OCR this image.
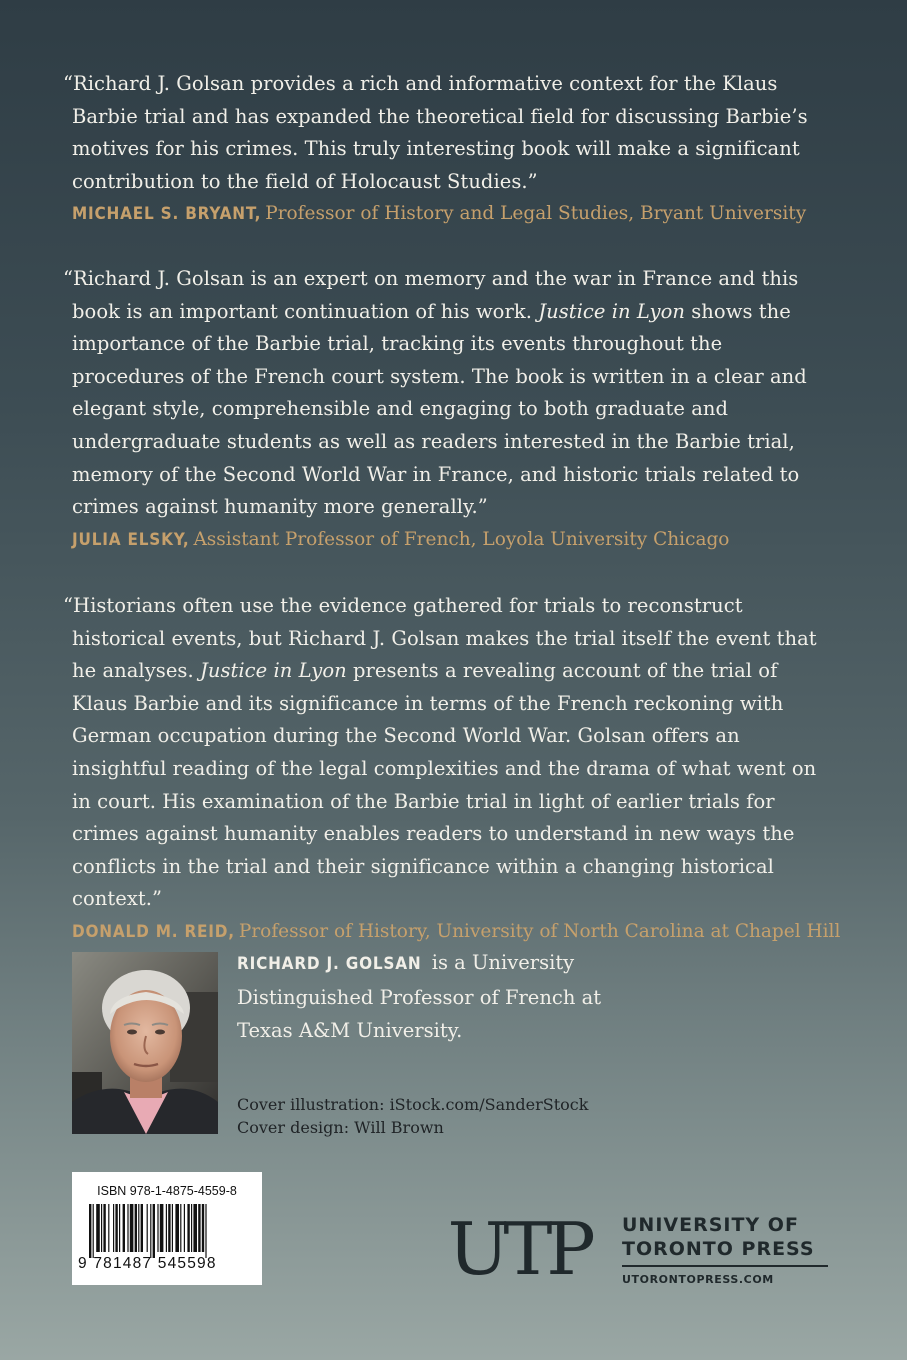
“Richard J. Golsan provides a rich and informative context for the Klaus Barbie trial and has expanded the theoretical field for discussing Barbie’s motives for his crimes. This truly interesting book will make a significant contribution to the field of Holocaust Studies.”

MICHAEL S. BRYANT, Professor of History and Legal Studies, Bryant University

“Richard J. Golsan is an expert on memory and the war in France and this book is an important continuation of his work. Justice in Lyon shows the importance of the Barbie trial, tracking its events throughout the procedures of the French court system. The book is written in a clear and elegant style, comprehensible and engaging to both graduate and undergraduate students as well as readers interested in the Barbie trial, memory of the Second World War in France, and historic trials related to crimes against humanity more generally.”

JULIA ELSKY, Assistant Professor of French, Loyola University Chicago

“Historians often use the evidence gathered for trials to reconstruct historical events, but Richard J. Golsan makes the trial itself the event that he analyses. Justice in Lyon presents a revealing account of the trial of Klaus Barbie and its significance in terms of the French reckoning with German occupation during the Second World War. Golsan offers an insightful reading of the legal complexities and the drama of what went on in court. His examination of the Barbie trial in light of earlier trials for crimes against humanity enables readers to understand in new ways the conflicts in the trial and their significance within a changing historical context.”

DONALD M. REID, Professor of History, University of North Carolina at Chapel Hill

RICHARD J. GOLSAN is a University Distinguished Professor of French at Texas A&M University.

Cover illustration: iStock.com/SanderStock

Cover design: Will Brown

ISBN 978-1-4875-4559-8
9 781487 545598	UTP UNIVERSITY OF
TORONTO PRESS
UTORONTOPRESS.COM
